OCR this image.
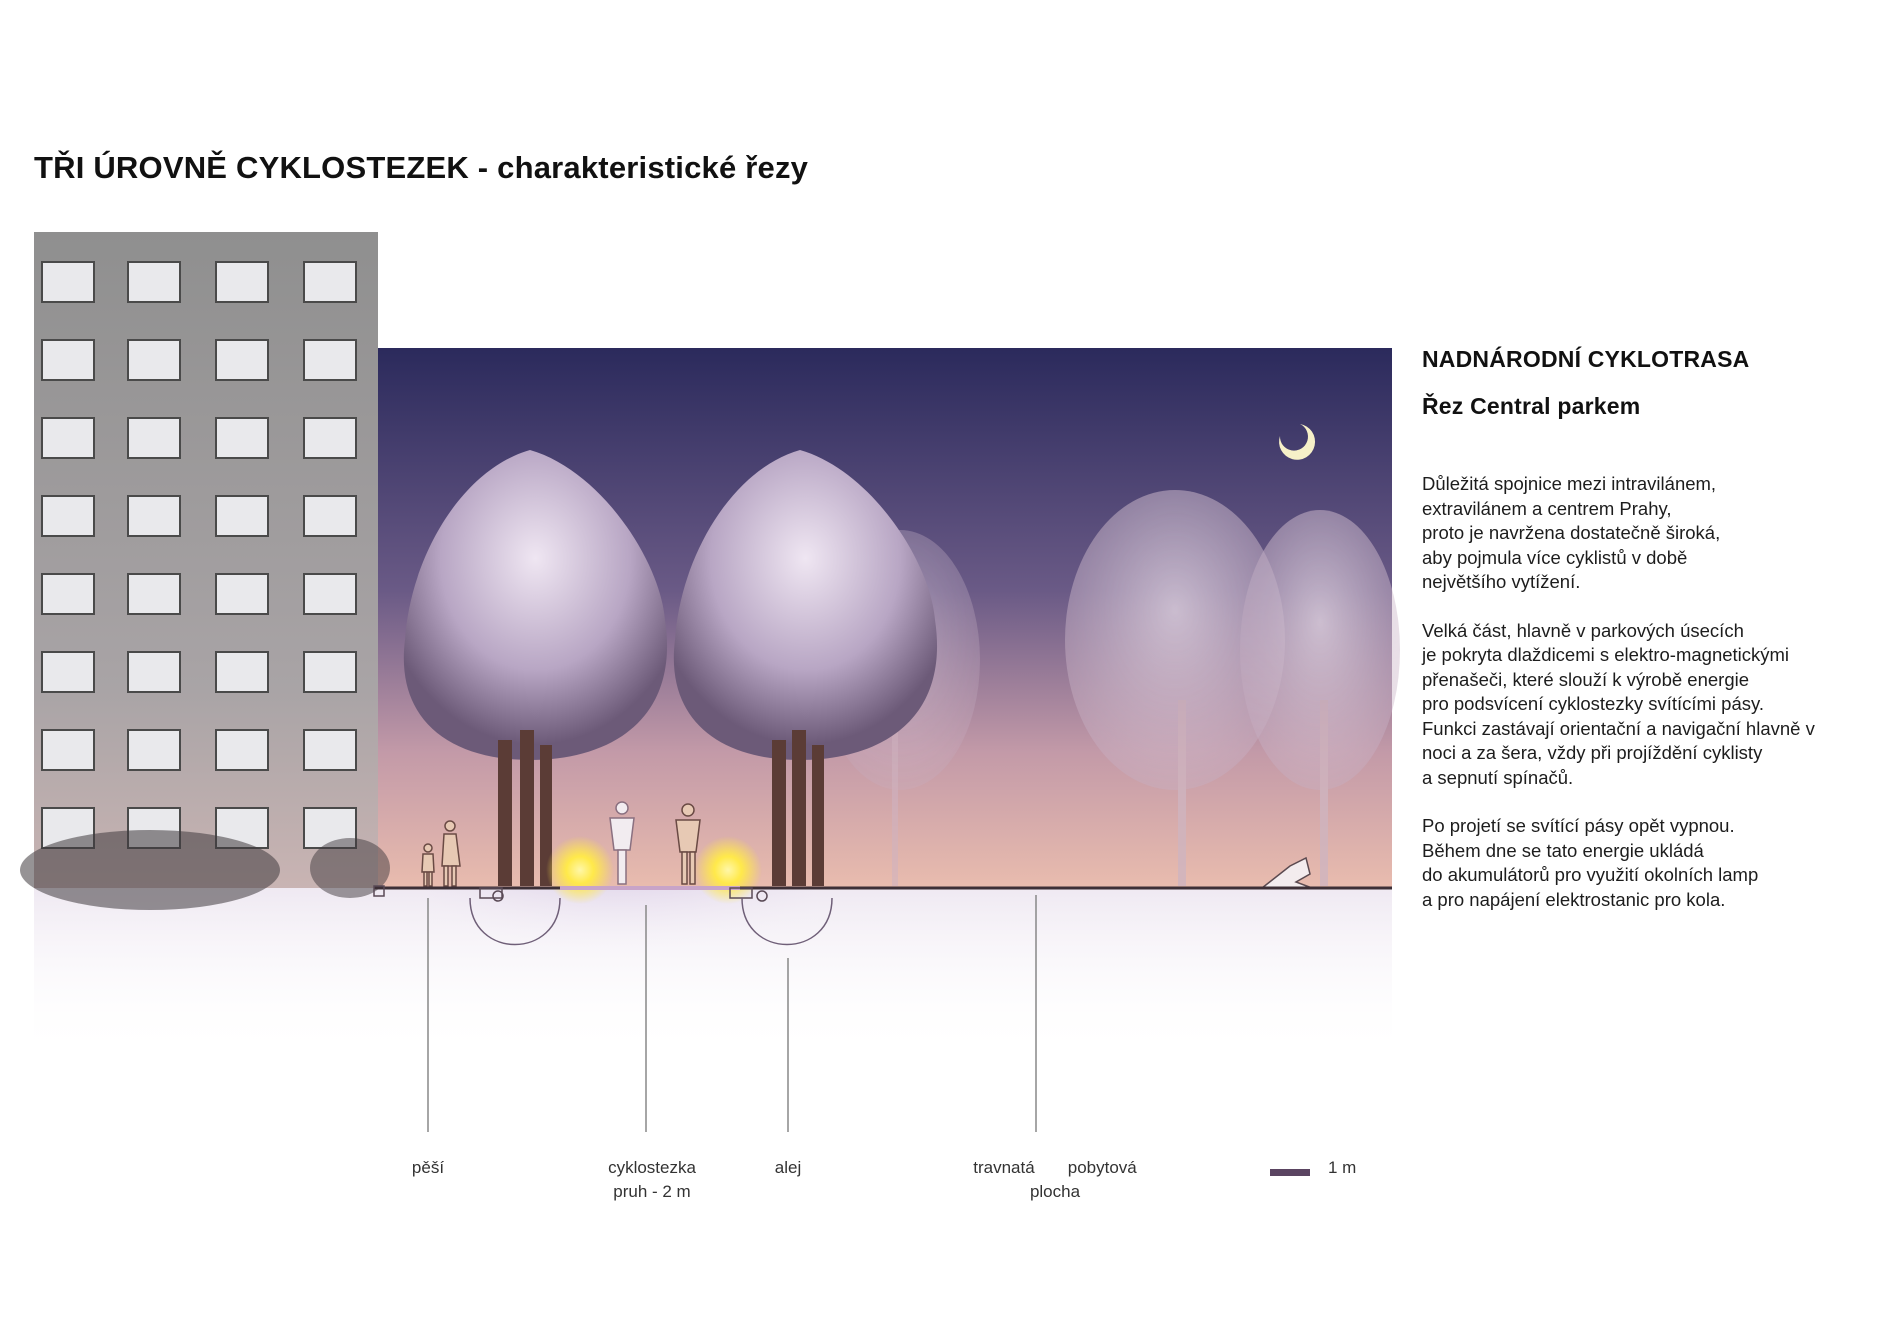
TŘI ÚROVNĚ CYKLOSTEZEK - charakteristické řezy
NADNÁRODNÍ CYKLOTRASA
Řez Central parkem

Důležitá spojnice mezi intravilánem,
extravilánem a centrem Prahy,
proto je navržena dostatečně široká,
aby pojmula více cyklistů v době
největšího vytížení.

Velká část, hlavně v parkových úsecích
je pokryta dlaždicemi s elektro-magnetickými
přenašeči, které slouží k výrobě energie
pro podsvícení cyklostezky svítícími pásy.
Funkci zastávají orientační a navigační hlavně v
noci a za šera, vždy při projíždění cyklisty
a sepnutí spínačů.

Po projetí se svítící pásy opět vypnou.
Během dne se tato energie ukládá
do akumulátorů pro využití okolních lamp
a pro napájení elektrostanic pro kola.

pěší	cyklostezka
pruh - 2 m
alej	travnatá pobytová
plocha
1 m
